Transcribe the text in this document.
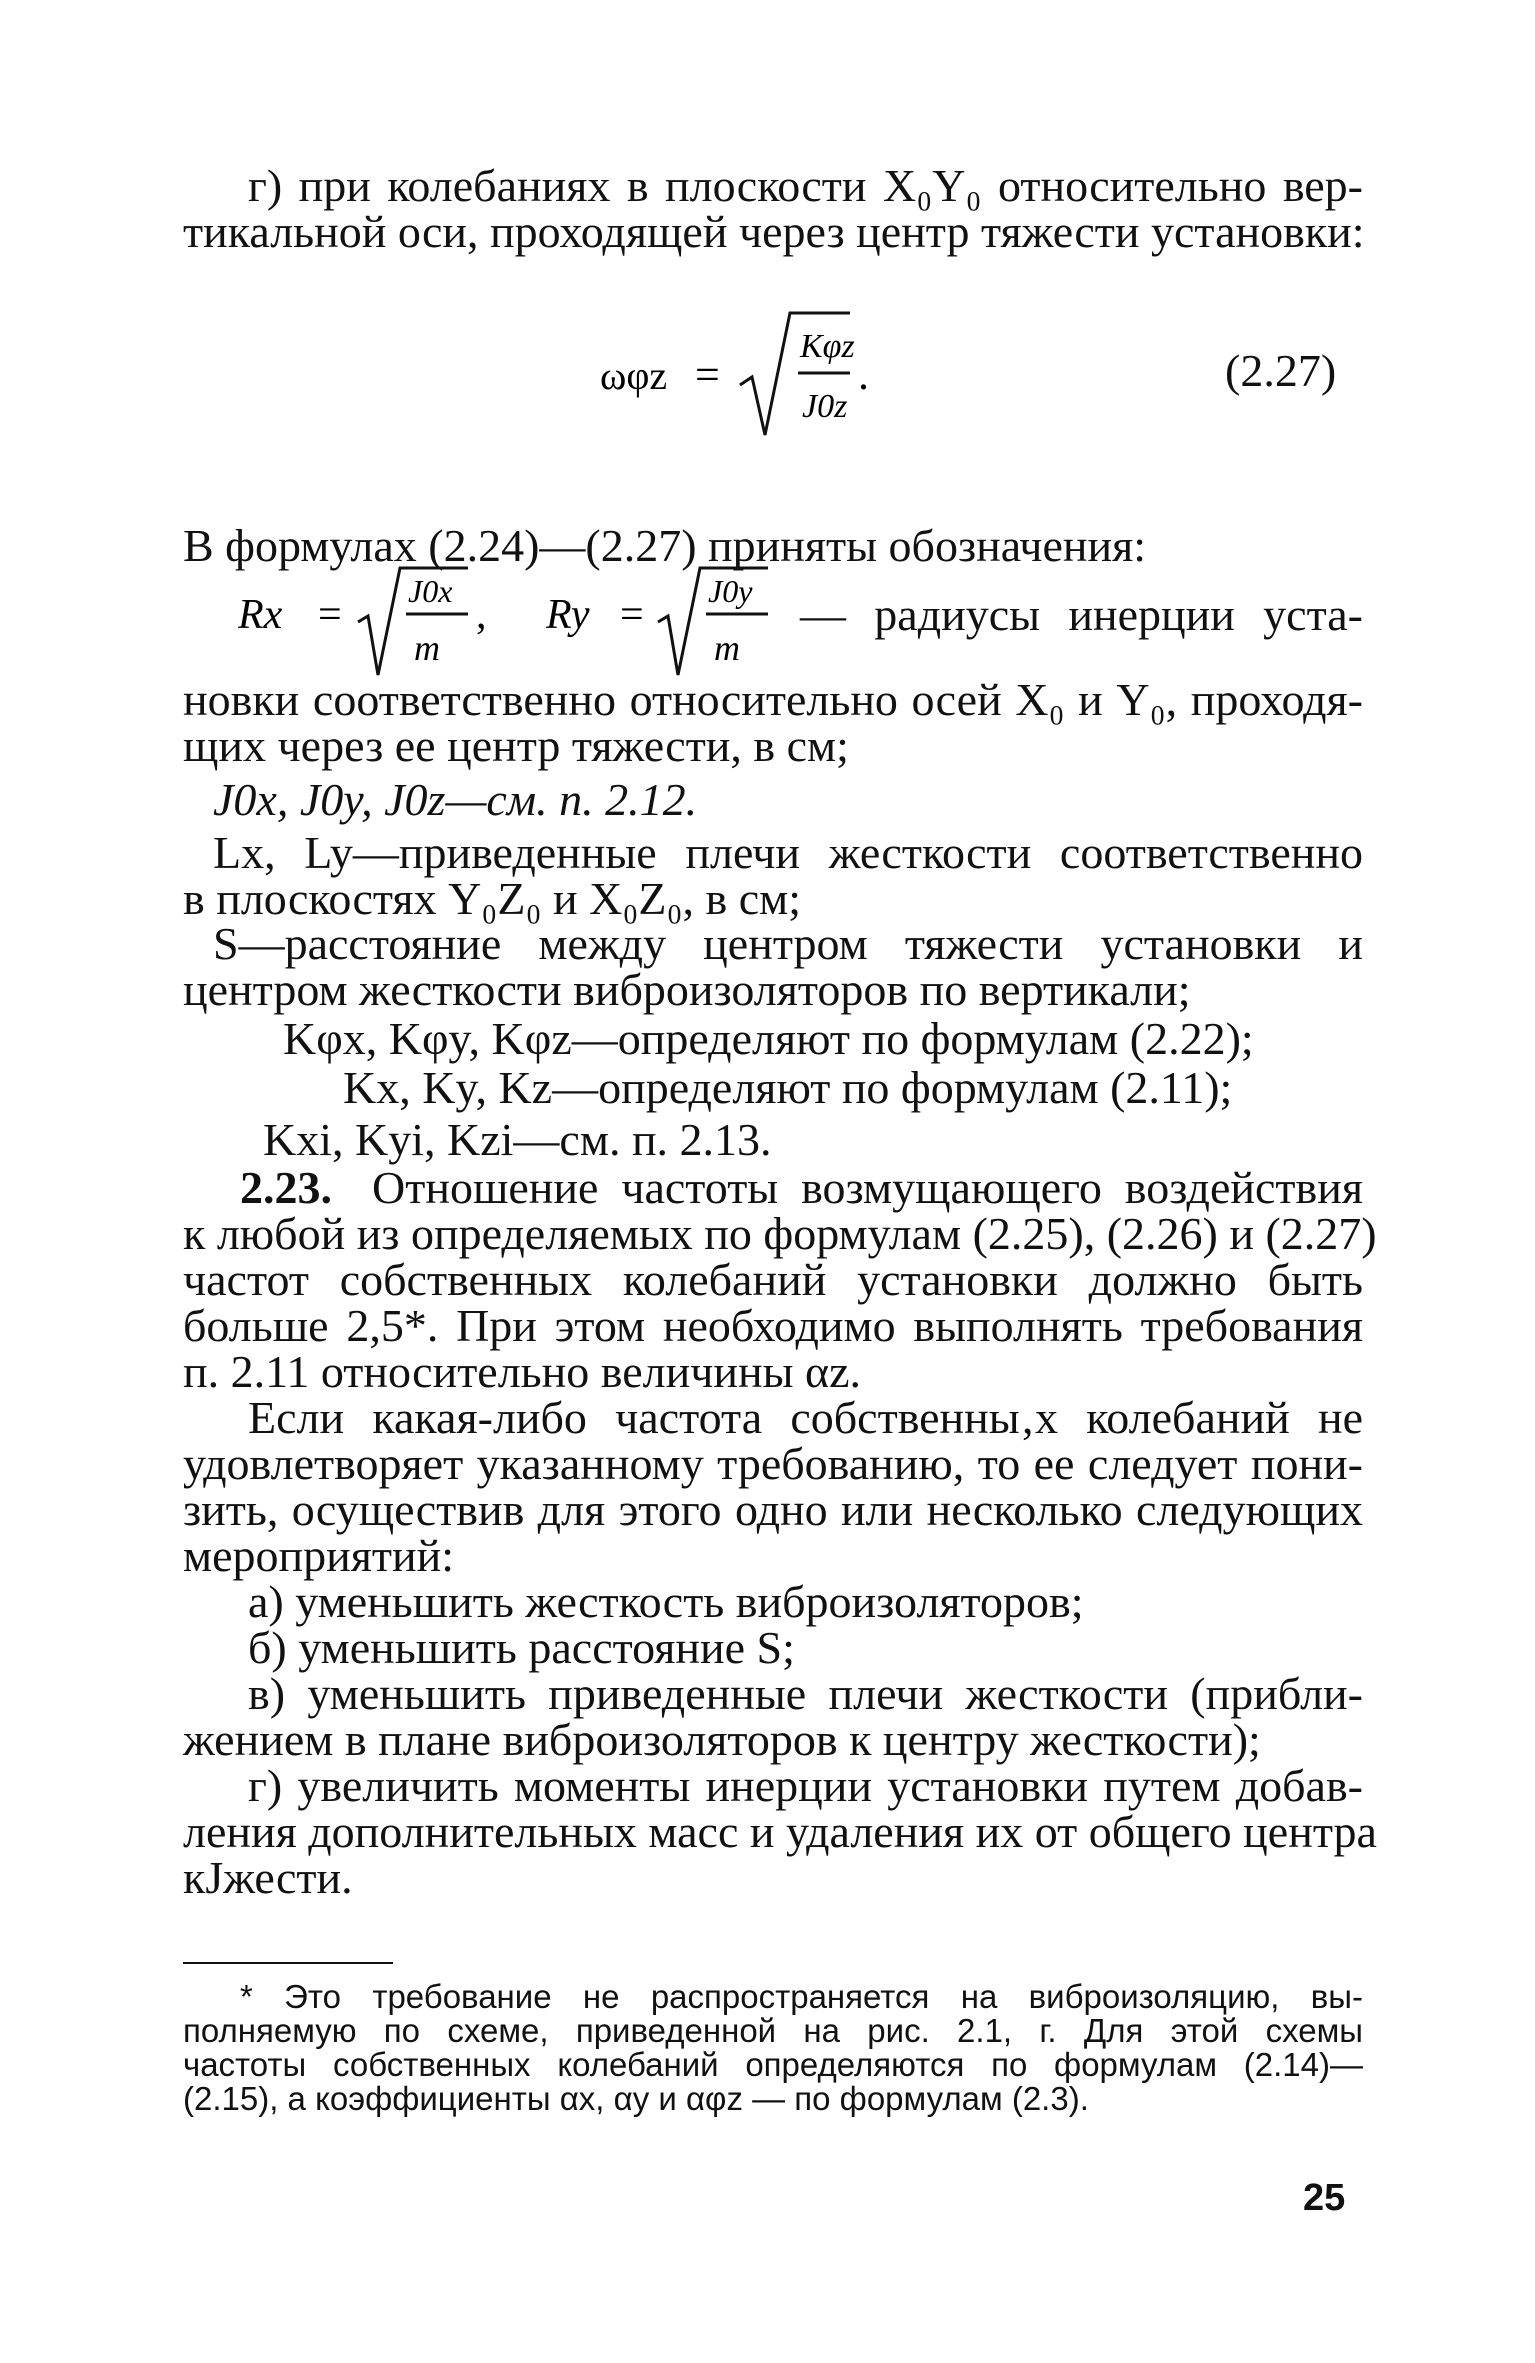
г) при колебаниях в плоскости X₀Y₀ относительно вер-
тикальной оси, проходящей через центр тяжести установки:
ωφz =
Kφz
J0z
.	(2.27)
В формулах (2.24)—(2.27) приняты обозначения:
Rx =
J0x
m
, Ry =
J0y
m
— радиусы инерции уста-
новки соответственно относительно осей X₀ и Y₀, проходя-
щих через ее центр тяжести, в см;
J0x, J0y, J0z—см. п. 2.12.
Lx, Ly—приведенные плечи жесткости соответственно
в плоскостях Y₀Z₀ и X₀Z₀, в см;
S—расстояние между центром тяжести установки и
центром жесткости виброизоляторов по вертикали;
Kφx, Kφy, Kφz—определяют по формулам (2.22);
Kx, Ky, Kz—определяют по формулам (2.11);
Kxi, Kyi, Kzi—см. п. 2.13.
2.23. Отношение частоты возмущающего воздействия
к любой из определяемых по формулам (2.25), (2.26) и (2.27)
частот собственных колебаний установки должно быть
больше 2,5*. При этом необходимо выполнять требования
п. 2.11 относительно величины αz.
Если какая-либо частота собственны‚х колебаний не
удовлетворяет указанному требованию, то ее следует пони-
зить, осуществив для этого одно или несколько следующих
мероприятий:
а) уменьшить жесткость виброизоляторов;
б) уменьшить расстояние S;
в) уменьшить приведенные плечи жесткости (прибли-
жением в плане виброизоляторов к центру жесткости);
г) увеличить моменты инерции установки путем добав-
ления дополнительных масс и удаления их от общего центра
кJжести.
* Это требование не распространяется на виброизоляцию, вы-
полняемую по схеме, приведенной на рис. 2.1, г. Для этой схемы
частоты собственных колебаний определяются по формулам (2.14)—
(2.15), а коэффициенты αx, αy и αφz — по формулам (2.3).
25
